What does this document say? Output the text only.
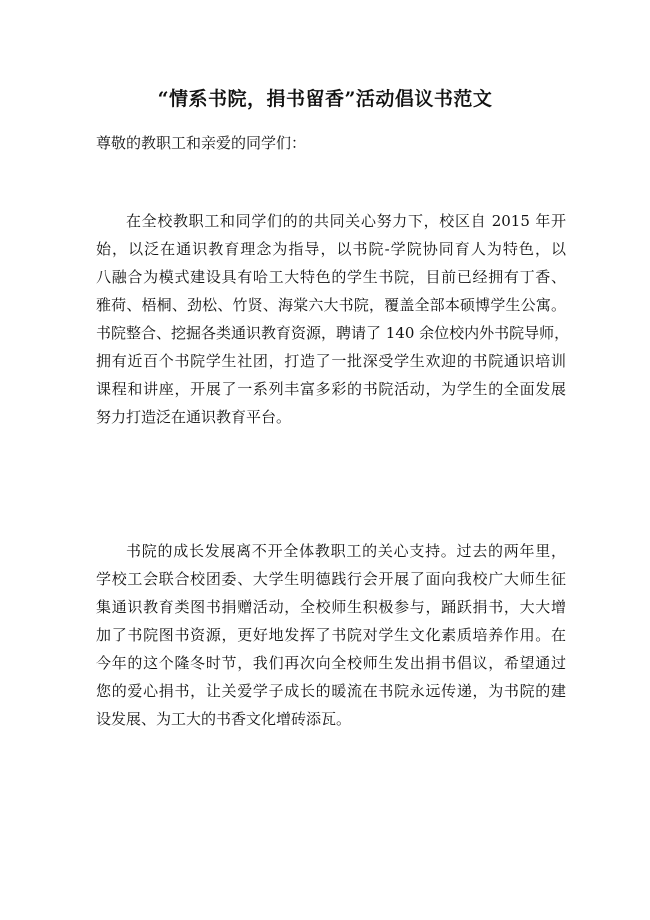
“情系书院，捐书留香”活动倡议书范文
尊敬的教职工和亲爱的同学们：
在全校教职工和同学们的的共同关心努力下，校区自 2015 年开
始，以泛在通识教育理念为指导，以书院-学院协同育人为特色，以
八融合为模式建设具有哈工大特色的学生书院，目前已经拥有丁香、
雅荷、梧桐、劲松、竹贤、海棠六大书院，覆盖全部本硕博学生公寓。
书院整合、挖掘各类通识教育资源，聘请了 140 余位校内外书院导师，
拥有近百个书院学生社团，打造了一批深受学生欢迎的书院通识培训
课程和讲座，开展了一系列丰富多彩的书院活动，为学生的全面发展
努力打造泛在通识教育平台。
书院的成长发展离不开全体教职工的关心支持。过去的两年里，
学校工会联合校团委、大学生明德践行会开展了面向我校广大师生征
集通识教育类图书捐赠活动，全校师生积极参与，踊跃捐书，大大增
加了书院图书资源，更好地发挥了书院对学生文化素质培养作用。在
今年的这个隆冬时节，我们再次向全校师生发出捐书倡议，希望通过
您的爱心捐书，让关爱学子成长的暖流在书院永远传递，为书院的建
设发展、为工大的书香文化增砖添瓦。
